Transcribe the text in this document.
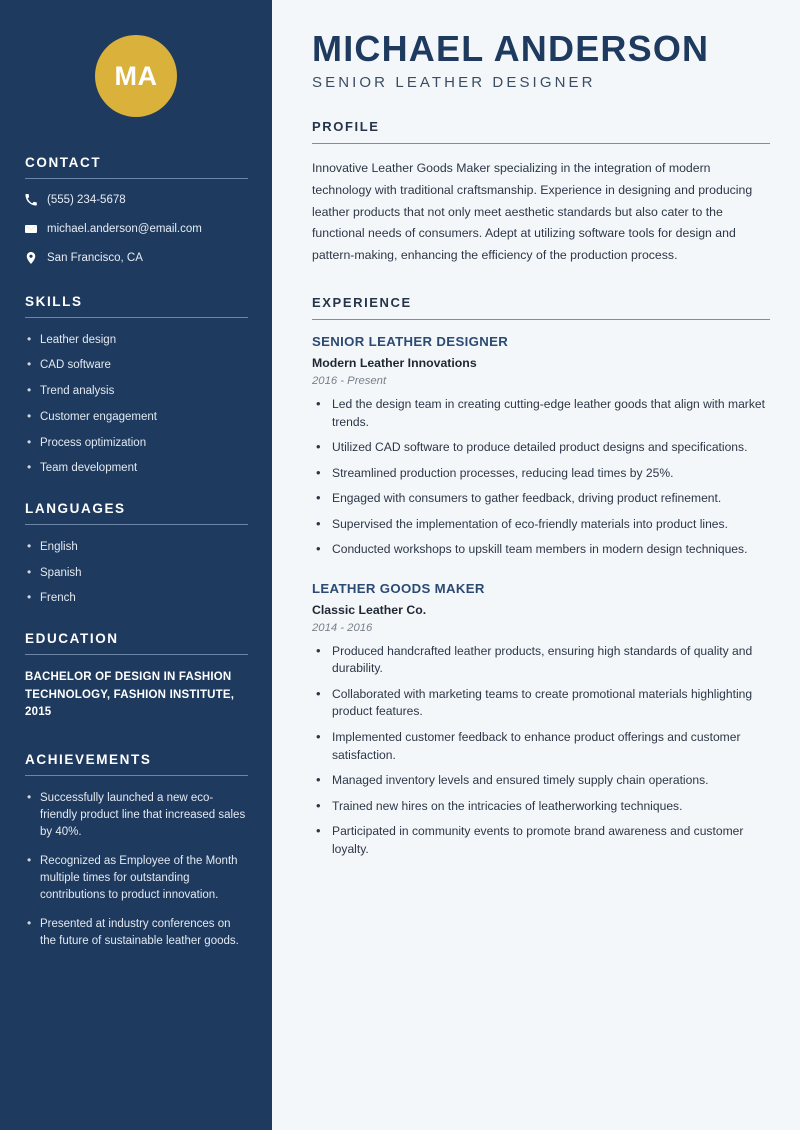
MA
CONTACT
(555) 234-5678
michael.anderson@email.com
San Francisco, CA
SKILLS
• Leather design
• CAD software
• Trend analysis
• Customer engagement
• Process optimization
• Team development
LANGUAGES
• English
• Spanish
• French
EDUCATION
BACHELOR OF DESIGN IN FASHION TECHNOLOGY, FASHION INSTITUTE, 2015
ACHIEVEMENTS
• Successfully launched a new eco-friendly product line that increased sales by 40%.
• Recognized as Employee of the Month multiple times for outstanding contributions to product innovation.
• Presented at industry conferences on the future of sustainable leather goods.
MICHAEL ANDERSON
SENIOR LEATHER DESIGNER
PROFILE

Innovative Leather Goods Maker specializing in the integration of modern technology with traditional craftsmanship. Experience in designing and producing leather products that not only meet aesthetic standards but also cater to the functional needs of consumers. Adept at utilizing software tools for design and pattern-making, enhancing the efficiency of the production process.

EXPERIENCE
SENIOR LEATHER DESIGNER
Modern Leather Innovations
2016 - Present
• Led the design team in creating cutting-edge leather goods that align with market trends.
• Utilized CAD software to produce detailed product designs and specifications.
• Streamlined production processes, reducing lead times by 25%.
• Engaged with consumers to gather feedback, driving product refinement.
• Supervised the implementation of eco-friendly materials into product lines.
• Conducted workshops to upskill team members in modern design techniques.
LEATHER GOODS MAKER
Classic Leather Co.
2014 - 2016
• Produced handcrafted leather products, ensuring high standards of quality and durability.
• Collaborated with marketing teams to create promotional materials highlighting product features.
• Implemented customer feedback to enhance product offerings and customer satisfaction.
• Managed inventory levels and ensured timely supply chain operations.
• Trained new hires on the intricacies of leatherworking techniques.
• Participated in community events to promote brand awareness and customer loyalty.
